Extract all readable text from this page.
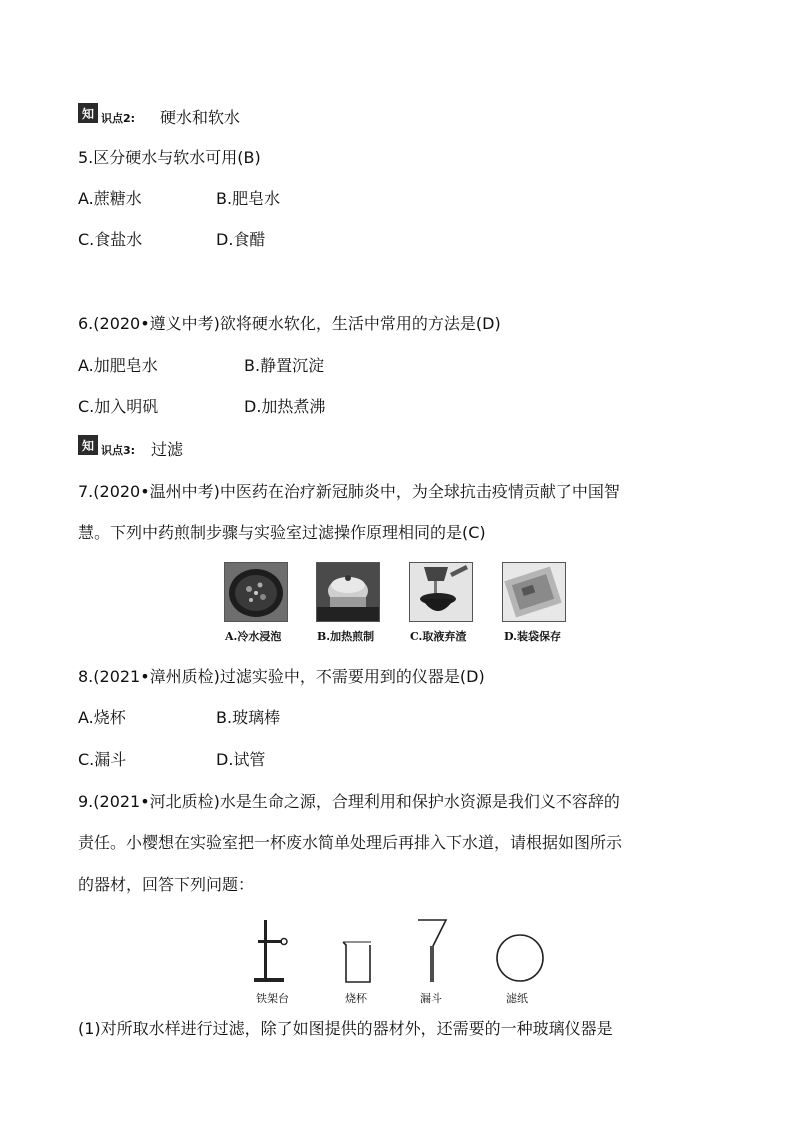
知 识点2: 硬水和软水
5.区分硬水与软水可用(B)
A.蔗糖水	B.肥皂水
C.食盐水	D.食醋
6.(2020•遵义中考)欲将硬水软化，生活中常用的方法是(D)
A.加肥皂水	B.静置沉淀
C.加入明矾	D.加热煮沸
知 识点3: 过滤
7.(2020•温州中考)中医药在治疗新冠肺炎中，为全球抗击疫情贡献了中国智
慧。下列中药煎制步骤与实验室过滤操作原理相同的是(C)
A.冷水浸泡	B.加热煎制	C.取液弃渣	D.装袋保存
8.(2021•漳州质检)过滤实验中，不需要用到的仪器是(D)
A.烧杯	B.玻璃棒
C.漏斗	D.试管
9.(2021•河北质检)水是生命之源，合理利用和保护水资源是我们义不容辞的
责任。小樱想在实验室把一杯废水简单处理后再排入下水道，请根据如图所示
的器材，回答下列问题：
铁架台	烧杯	漏斗	滤纸
(1)对所取水样进行过滤，除了如图提供的器材外，还需要的一种玻璃仪器是
